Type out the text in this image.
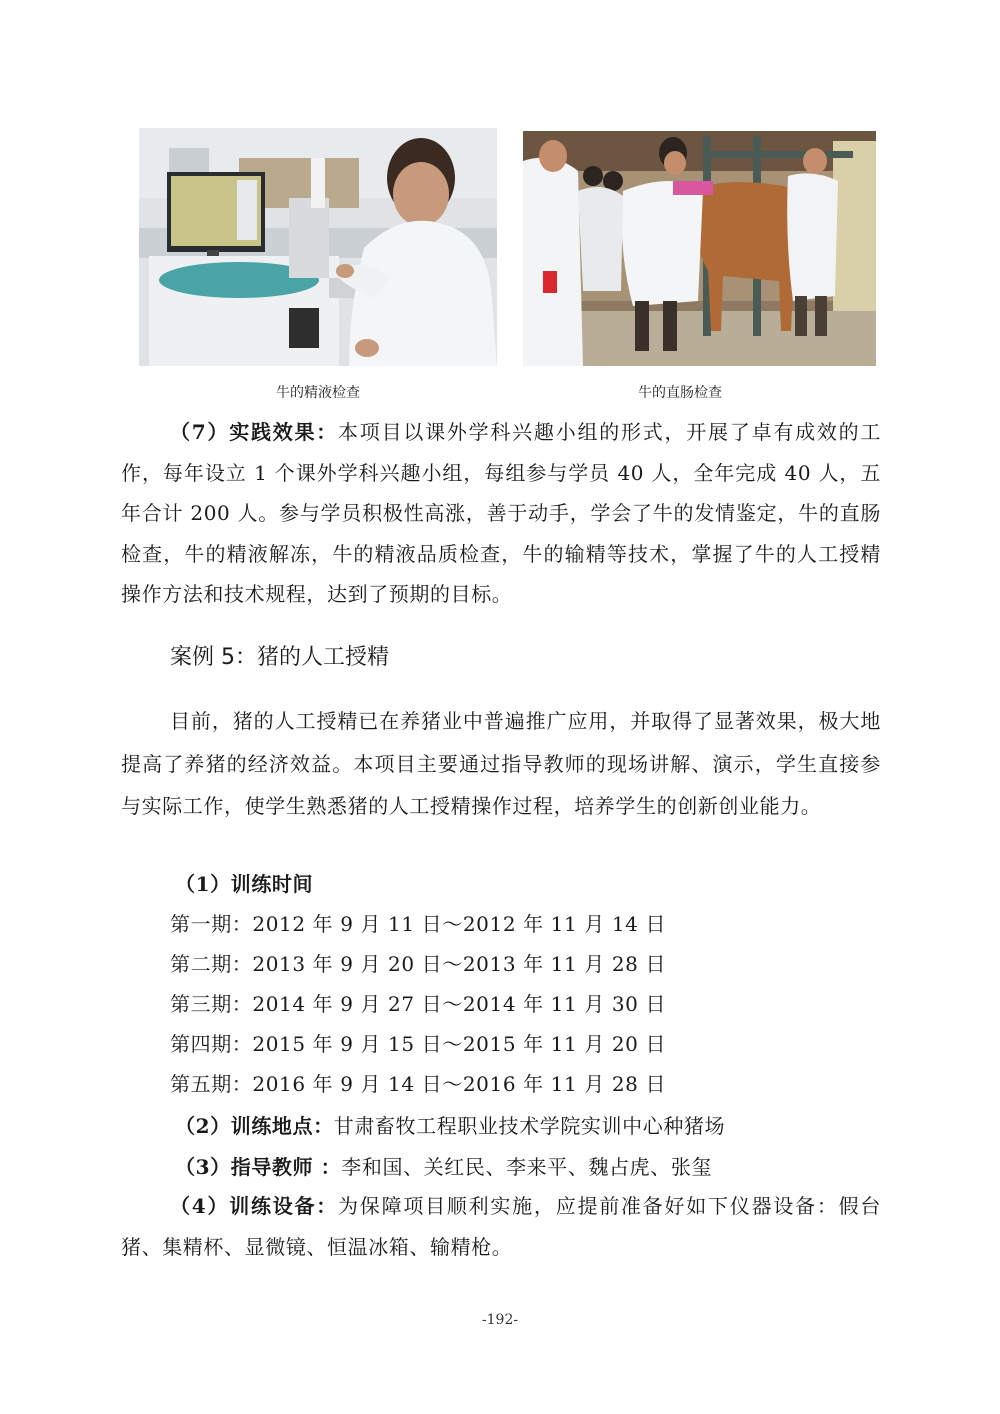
牛的精液检查	牛的直肠检查

（7）实践效果：本项目以课外学科兴趣小组的形式，开展了卓有成效的工作，每年设立 1 个课外学科兴趣小组，每组参与学员 40 人，全年完成 40 人，五年合计 200 人。参与学员积极性高涨，善于动手，学会了牛的发情鉴定，牛的直肠检查，牛的精液解冻，牛的精液品质检查，牛的输精等技术，掌握了牛的人工授精操作方法和技术规程，达到了预期的目标。

案例 5：猪的人工授精

目前，猪的人工授精已在养猪业中普遍推广应用，并取得了显著效果，极大地提高了养猪的经济效益。本项目主要通过指导教师的现场讲解、演示，学生直接参与实际工作，使学生熟悉猪的人工授精操作过程，培养学生的创新创业能力。

（1）训练时间

第一期：2012 年 9 月 11 日～2012 年 11 月 14 日

第二期：2013 年 9 月 20 日～2013 年 11 月 28 日

第三期：2014 年 9 月 27 日～2014 年 11 月 30 日

第四期：2015 年 9 月 15 日～2015 年 11 月 20 日

第五期：2016 年 9 月 14 日～2016 年 11 月 28 日

（2）训练地点：甘肃畜牧工程职业技术学院实训中心种猪场

（3）指导教师 ：李和国、关红民、李来平、魏占虎、张玺

（4）训练设备：为保障项目顺利实施，应提前准备好如下仪器设备：假台猪、集精杯、显微镜、恒温冰箱、输精枪。

-192-
